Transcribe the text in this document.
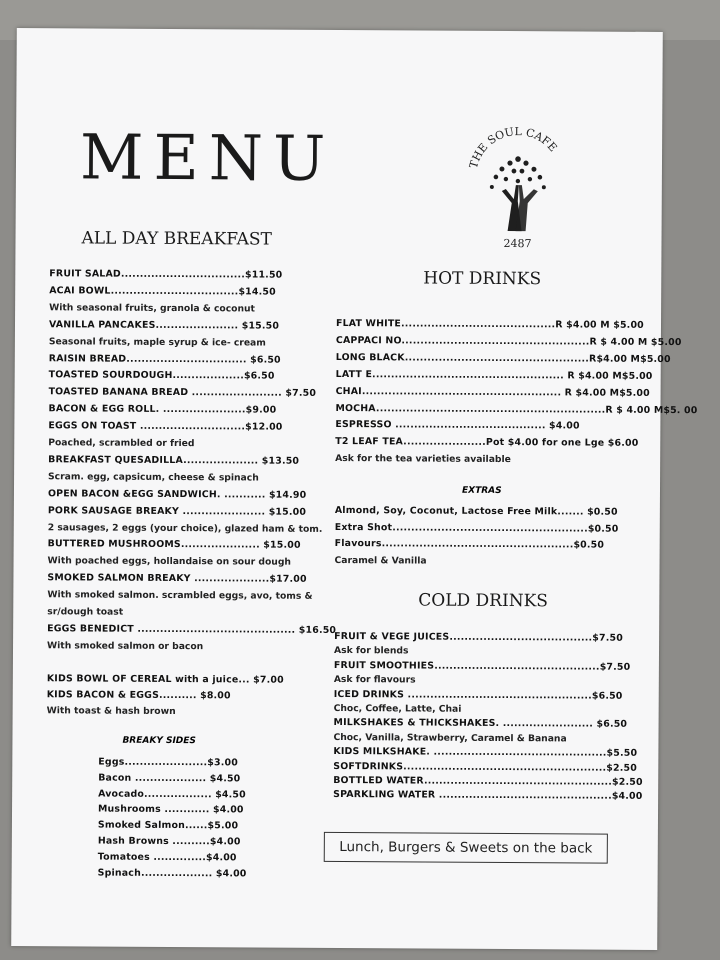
MENU	THE SOUL CAFE
2487
ALL DAY BREAKFAST
FRUIT SALAD.................................$11.50
ACAI BOWL..................................$14.50
With seasonal fruits, granola & coconut
VANILLA PANCAKES...................... $15.50
Seasonal fruits, maple syrup & ice- cream
RAISIN BREAD................................ $6.50
TOASTED SOURDOUGH...................$6.50
TOASTED BANANA BREAD ........................ $7.50
BACON & EGG ROLL. ......................$9.00
EGGS ON TOAST ............................$12.00
Poached, scrambled or fried
BREAKFAST QUESADILLA.................... $13.50
Scram. egg, capsicum, cheese & spinach
OPEN BACON &EGG SANDWICH. ........... $14.90
PORK SAUSAGE BREAKY ...................... $15.00
2 sausages, 2 eggs (your choice), glazed ham & tom.
BUTTERED MUSHROOMS..................... $15.00
With poached eggs, hollandaise on sour dough
SMOKED SALMON BREAKY ....................$17.00
With smoked salmon. scrambled eggs, avo, toms &
sr/dough toast
EGGS BENEDICT .......................................... $16.50
With smoked salmon or bacon
KIDS BOWL OF CEREAL with a juice... $7.00
KIDS BACON & EGGS.......... $8.00
With toast & hash brown
BREAKY SIDES
Eggs......................$3.00
Bacon ................... $4.50
Avocado.................. $4.50
Mushrooms ............ $4.00
Smoked Salmon......$5.00
Hash Browns ..........$4.00
Tomatoes ..............$4.00
Spinach................... $4.00
HOT DRINKS
FLAT WHITE.........................................R $4.00 M $5.00
CAPPACI NO..................................................R $ 4.00 M $5.00
LONG BLACK.................................................R$4.00 M$5.00
LATT E................................................... R $4.00 M$5.00
CHAI..................................................... R $4.00 M$5.00
MOCHA.............................................................R $ 4.00 M$5. 00
ESPRESSO ........................................ $4.00
T2 LEAF TEA......................Pot $4.00 for one Lge $6.00
Ask for the tea varieties available
EXTRAS
Almond, Soy, Coconut, Lactose Free Milk....... $0.50
Extra Shot....................................................$0.50
Flavours...................................................$0.50
Caramel & Vanilla
COLD DRINKS
FRUIT & VEGE JUICES......................................$7.50
Ask for blends
FRUIT SMOOTHIES............................................$7.50
Ask for flavours
ICED DRINKS .................................................$6.50
Choc, Coffee, Latte, Chai
MILKSHAKES & THICKSHAKES. ........................ $6.50
Choc, Vanilla, Strawberry, Caramel & Banana
KIDS MILKSHAKE. ..............................................$5.50
SOFTDRINKS......................................................$2.50
BOTTLED WATER..................................................$2.50
SPARKLING WATER ..............................................$4.00
Lunch, Burgers & Sweets on the back
